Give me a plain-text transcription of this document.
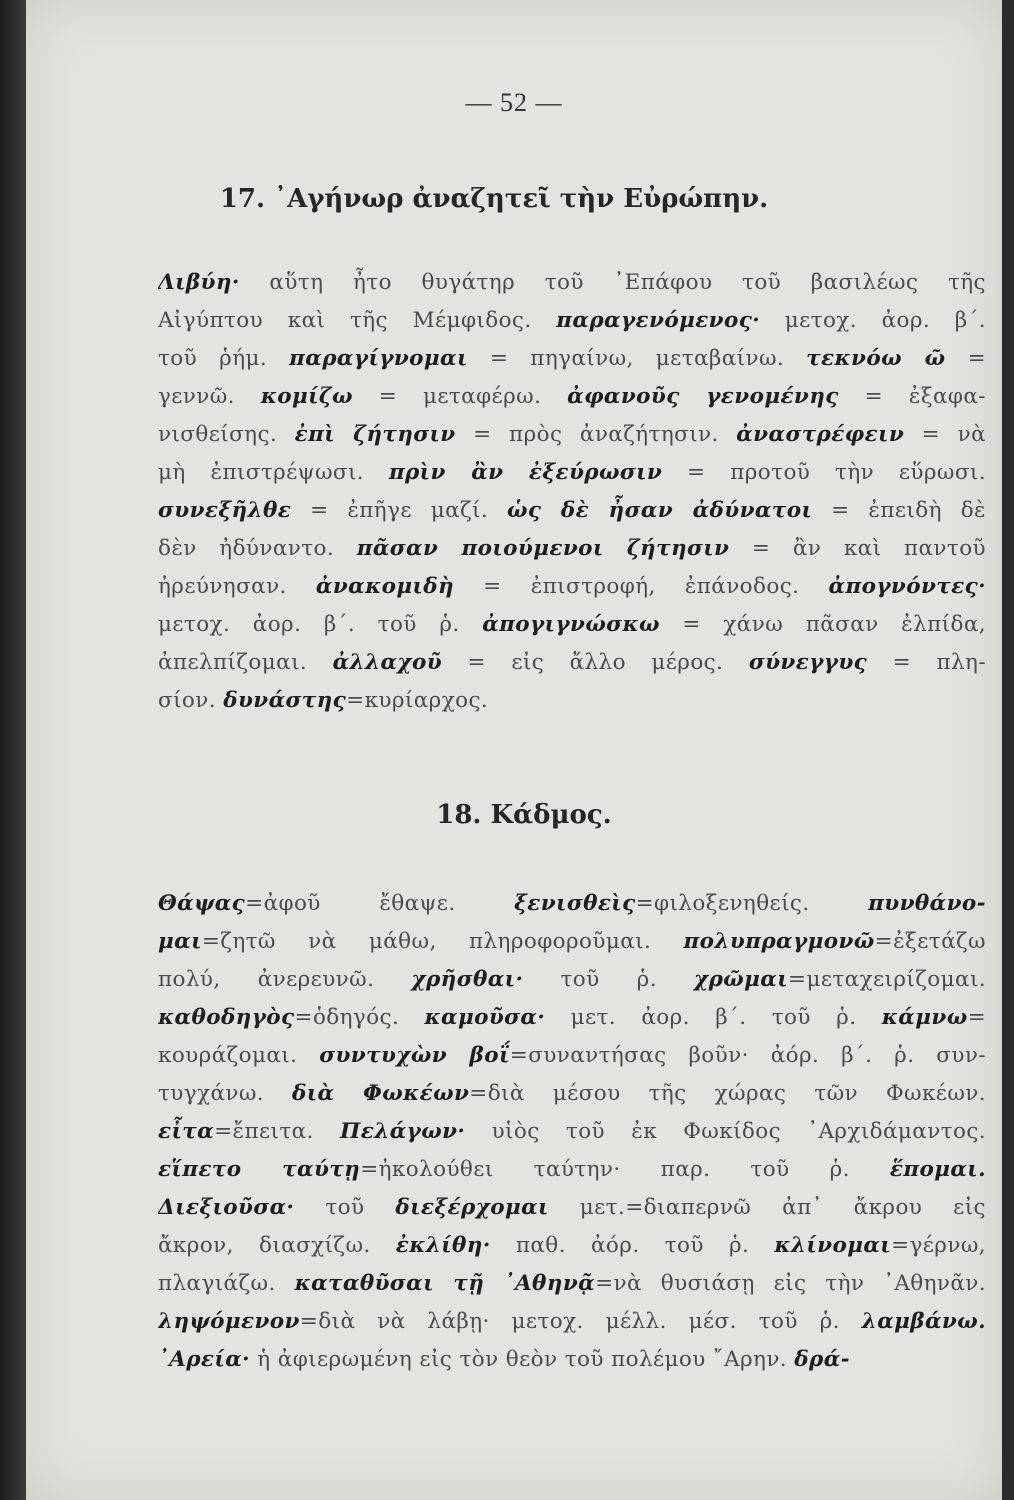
— 52 —
17. ᾽Αγήνωρ ἀναζητεῖ τὴν Εὐρώπην.
Λιβύη· αὕτη ἦτο θυγάτηρ τοῦ ᾽Επάφου τοῦ βασιλέως τῆς
Αἰγύπτου καὶ τῆς Μέμφιδος. παραγενόμενος· μετοχ. ἀορ. β΄.
τοῦ ῥήμ. παραγίγνομαι = πηγαίνω, μεταβαίνω. τεκνόω ῶ =
γεννῶ. κομίζω = μεταφέρω. ἀφανοῦς γενομένης = ἐξαφα-
νισθείσης. ἐπὶ ζήτησιν = πρὸς ἀναζήτησιν. ἀναστρέφειν = νὰ
μὴ ἐπιστρέψωσι. πρὶν ἂν ἐξεύρωσιν = προτοῦ τὴν εὕρωσι.
συνεξῆλθε = ἐπῆγε μαζί. ὡς δὲ ἦσαν ἀδύνατοι = ἐπειδὴ δὲ
δὲν ἠδύναντο. πᾶσαν ποιούμενοι ζήτησιν = ἂν καὶ παντοῦ
ἠρεύνησαν. ἀνακομιδὴ = ἐπιστροφή, ἐπάνοδος. ἀπογνόντες·
μετοχ. ἀορ. β΄. τοῦ ῥ. ἀπογιγνώσκω = χάνω πᾶσαν ἐλπίδα,
ἀπελπίζομαι. ἀλλαχοῦ = εἰς ἄλλο μέρος. σύνεγγυς = πλη-
σίον. δυνάστης=κυρίαρχος.
18. Κάδμος.
Θάψας=ἀφοῦ ἔθαψε. ξενισθεὶς=φιλοξενηθείς. πυνθάνο-
μαι=ζητῶ νὰ μάθω, πληροφοροῦμαι. πολυπραγμονῶ=ἐξετάζω
πολύ, ἀνερευνῶ. χρῆσθαι· τοῦ ῥ. χρῶμαι=μεταχειρίζομαι.
καθοδηγὸς=ὁδηγός. καμοῦσα· μετ. ἀορ. β΄. τοῦ ῥ. κάμνω=
κουράζομαι. συντυχὼν βοΐ=συναντήσας βοῦν· ἀόρ. β΄. ῥ. συν-
τυγχάνω. διὰ Φωκέων=διὰ μέσου τῆς χώρας τῶν Φωκέων.
εἶτα=ἔπειτα. Πελάγων· υἱὸς τοῦ ἐκ Φωκίδος ᾽Αρχιδάμαντος.
εἵπετο ταύτῃ=ἠκολούθει ταύτην· παρ. τοῦ ῥ. ἕπομαι.
Διεξιοῦσα· τοῦ διεξέρχομαι μετ.=διαπερνῶ ἀπ᾽ ἄκρου εἰς
ἄκρον, διασχίζω. ἐκλίθη· παθ. ἀόρ. τοῦ ῥ. κλίνομαι=γέρνω,
πλαγιάζω. καταθῦσαι τῇ ᾽Αθηνᾷ=νὰ θυσιάσῃ εἰς τὴν ᾽Αθηνᾶν.
ληψόμενον=διὰ νὰ λάβῃ· μετοχ. μέλλ. μέσ. τοῦ ῥ. λαμβάνω.
᾽Αρεία· ἡ ἀφιερωμένη εἰς τὸν θεὸν τοῦ πολέμου ῎Αρην. δρά-
